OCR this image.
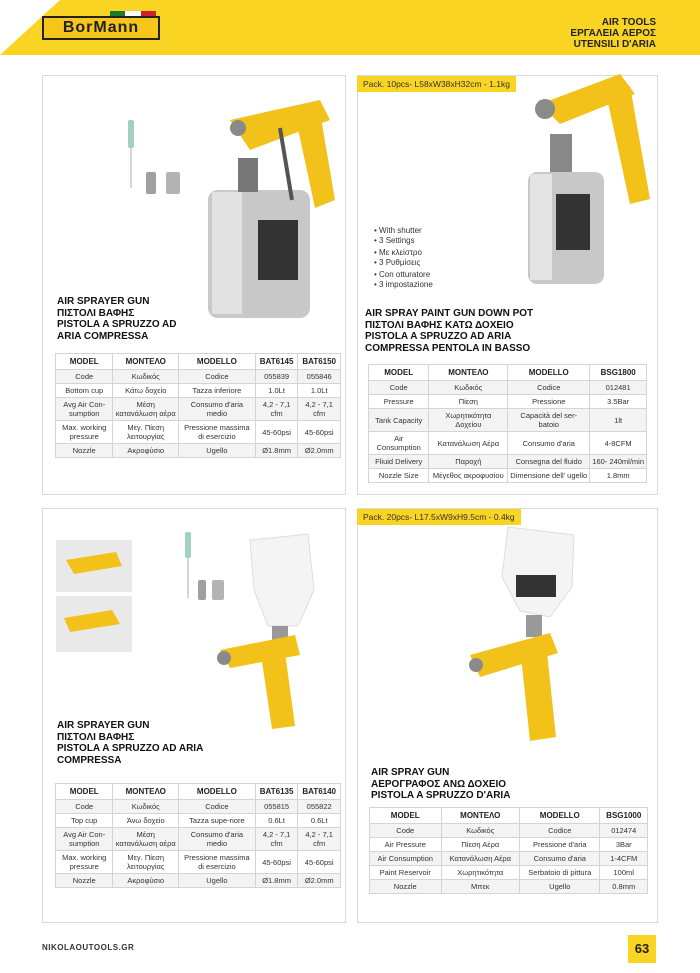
BorMann	AIR TOOLS
ΕΡΓΑΛΕΙΑ ΑΕΡΟΣ
UTENSILI D'ARIA
AIR SPRAYER GUN
ΠΙΣΤΟΛΙ ΒΑΦΗΣ
PISTOLA A SPRUZZO AD
ARIA COMPRESSA
MODEL	ΜΟΝΤΕΛΟ	MODELLO	BAT6145	BAT6150
Code	Κωδικός	Codice	055839	055846
Bottom cup	Κάτω δοχείο	Tazza inferiore	1.0Lt	1.0Lt
Avg Air Con-sumption	Μέση κατανάλωση αέρα	Consumo d'aria medio	4,2 - 7,1 cfm	4,2 - 7,1 cfm
Max. working pressure	Μεγ. Πίεση λειτουργίας	Pressione massima di esercizio	45-60psi	45-60psi
Nozzle	Ακροφύσιο	Ugello	Ø1.8mm	Ø2.0mm
Pack. 10pcs- L58xW38xH32cm - 1.1kg
• With shutter
• 3 Settings
• Με κλείστρο
• 3 Ρυθμίσεις
• Con otturatore
• 3 impostazione
AIR SPRAY PAINT GUN DOWN POT
ΠΙΣΤΟΛΙ ΒΑΦΗΣ ΚΑΤΩ ΔΟΧΕΙΟ
PISTOLA A SPRUZZO AD ARIA
COMPRESSA PENTOLA IN BASSO
MODEL	ΜΟΝΤΕΛΟ	MODELLO	BSG1800
Code	Κωδικός	Codice	012481
Pressure	Πίεση	Pressione	3.5Bar
Tank Capacity	Χωρητικότητα Δοχείου	Capacità del ser-batoio	1lt
Air Consumption	Κατανάλωση Αέρα	Consumo d'aria	4-8CFM
Fliuid Delivery	Παροχή	Consegna del fluido	160- 240ml/min
Nozzle Size	Μέγεθος ακροφυσίου	Dimensione dell' ugello	1.8mm
AIR SPRAYER GUN
ΠΙΣΤΟΛΙ ΒΑΦΗΣ
PISTOLA A SPRUZZO AD ARIA
COMPRESSA
MODEL	ΜΟΝΤΕΛΟ	MODELLO	BAT6135	BAT6140
Code	Κωδικός	Codice	055815	055822
Top cup	Άνω δοχείο	Tazza supe-riore	0.6Lt	0.6Lt
Avg Air Con-sumption	Μέση κατανάλωση αέρα	Consumo d'aria medio	4,2 - 7,1 cfm	4,2 - 7,1 cfm
Max. working pressure	Μεγ. Πίεση λειτουργίας	Pressione massima di esercizio	45-60psi	45-60psi
Nozzle	Ακροφύσιο	Ugello	Ø1.8mm	Ø2.0mm
Pack. 20pcs- L17.5xW9xH9.5cm - 0.4kg
AIR SPRAY GUN
ΑΕΡΟΓΡΑΦΟΣ ΑΝΩ ΔΟΧΕΙΟ
PISTOLA A SPRUZZO D'ARIA
MODEL	ΜΟΝΤΕΛΟ	MODELLO	BSG1000
Code	Κωδικός	Codice	012474
Air Pressure	Πίεση Αέρα	Pressione d'aria	3Bar
Air Consumption	Κατανάλωση Αέρα	Consumo d'aria	1-4CFM
Paint Reservoir	Χωρητικότητα	Serbatoio di pittura	100ml
Nozzle	Μπεκ	Ugello	0.8mm
NIKOLAOUTOOLS.GR	63
